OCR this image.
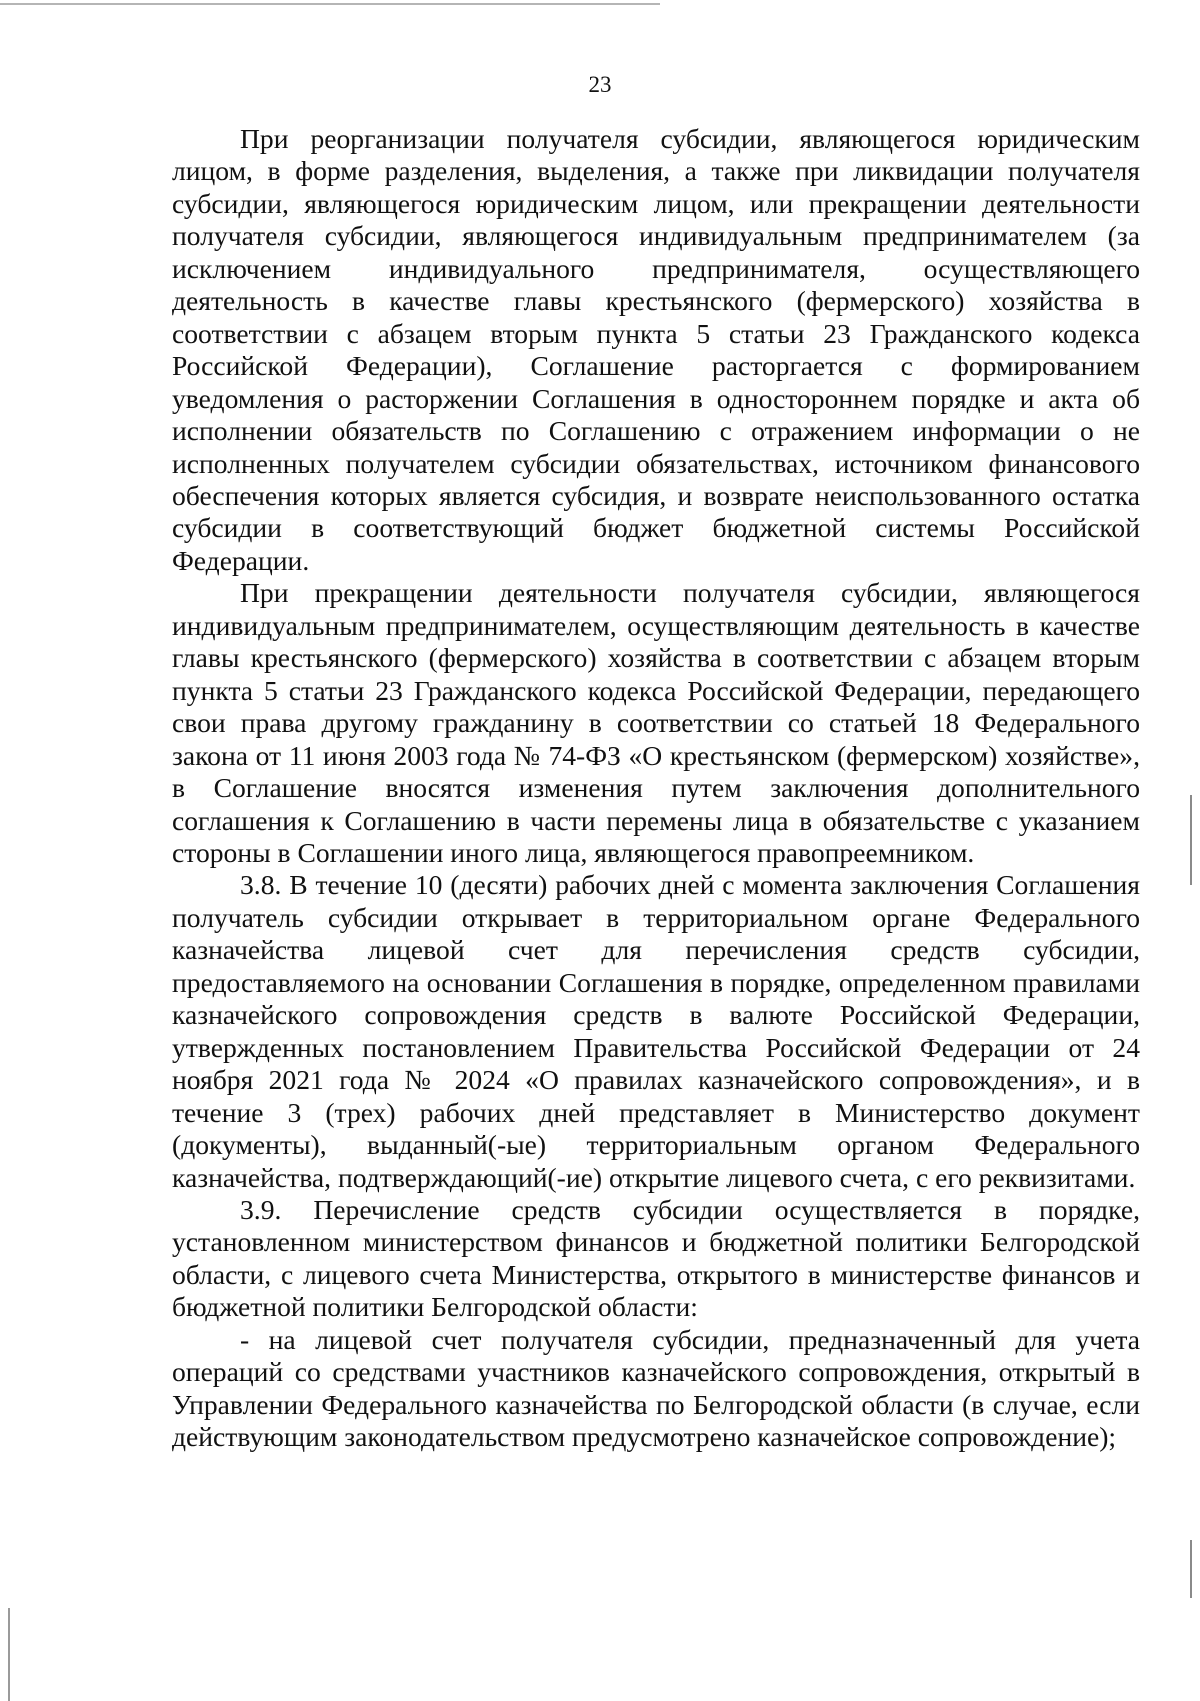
23

При реорганизации получателя субсидии, являющегося юридическим лицом, в форме разделения, выделения, а также при ликвидации получателя субсидии, являющегося юридическим лицом, или прекращении деятельности получателя субсидии, являющегося индивидуальным предпринимателем (за исключением индивидуального предпринимателя, осуществляющего деятельность в качестве главы крестьянского (фермерского) хозяйства в соответствии с абзацем вторым пункта 5 статьи 23 Гражданского кодекса Российской Федерации), Соглашение расторгается с формированием уведомления о расторжении Соглашения в одностороннем порядке и акта об исполнении обязательств по Соглашению с отражением информации о не исполненных получателем субсидии обязательствах, источником финансового обеспечения которых является субсидия, и возврате неиспользованного остатка субсидии в соответствующий бюджет бюджетной системы Российской Федерации.

При прекращении деятельности получателя субсидии, являющегося индивидуальным предпринимателем, осуществляющим деятельность в качестве главы крестьянского (фермерского) хозяйства в соответствии с абзацем вторым пункта 5 статьи 23 Гражданского кодекса Российской Федерации, передающего свои права другому гражданину в соответствии со статьей 18 Федерального закона от 11 июня 2003 года № 74-ФЗ «О крестьянском (фермерском) хозяйстве», в Соглашение вносятся изменения путем заключения дополнительного соглашения к Соглашению в части перемены лица в обязательстве с указанием стороны в Соглашении иного лица, являющегося правопреемником.

3.8. В течение 10 (десяти) рабочих дней с момента заключения Соглашения получатель субсидии открывает в территориальном органе Федерального казначейства лицевой счет для перечисления средств субсидии, предоставляемого на основании Соглашения в порядке, определенном правилами казначейского сопровождения средств в валюте Российской Федерации, утвержденных постановлением Правительства Российской Федерации от 24 ноября 2021 года № 2024 «О правилах казначейского сопровождения», и в течение 3 (трех) рабочих дней представляет в Министерство документ (документы), выданный(-ые) территориальным органом Федерального казначейства, подтверждающий(-ие) открытие лицевого счета, с его реквизитами.

3.9. Перечисление средств субсидии осуществляется в порядке, установленном министерством финансов и бюджетной политики Белгородской области, с лицевого счета Министерства, открытого в министерстве финансов и бюджетной политики Белгородской области:

- на лицевой счет получателя субсидии, предназначенный для учета операций со средствами участников казначейского сопровождения, открытый в Управлении Федерального казначейства по Белгородской области (в случае, если действующим законодательством предусмотрено казначейское сопровождение);
